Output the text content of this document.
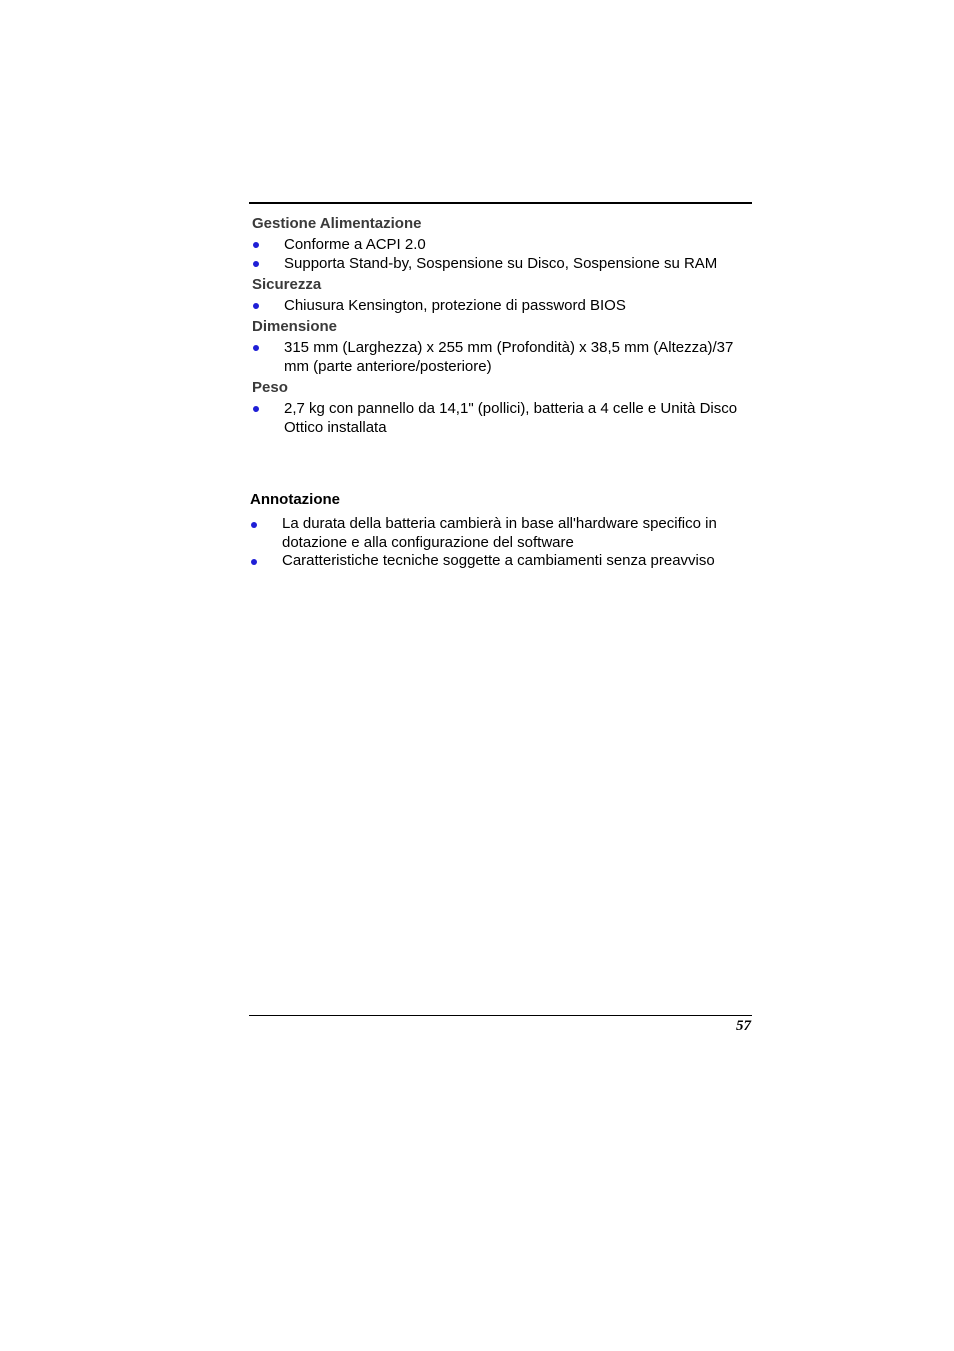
Gestione Alimentazione
Conforme a ACPI 2.0
Supporta Stand-by, Sospensione su Disco, Sospensione su RAM
Sicurezza
Chiusura Kensington, protezione di password BIOS
Dimensione
315 mm (Larghezza) x 255 mm (Profondità) x 38,5 mm (Altezza)/37 mm (parte anteriore/posteriore)
Peso
2,7 kg con pannello da 14,1" (pollici), batteria a 4 celle e Unità Disco Ottico installata
Annotazione
La durata della batteria cambierà in base all'hardware specifico in dotazione e alla configurazione del software
Caratteristiche tecniche soggette a cambiamenti senza preavviso
57
